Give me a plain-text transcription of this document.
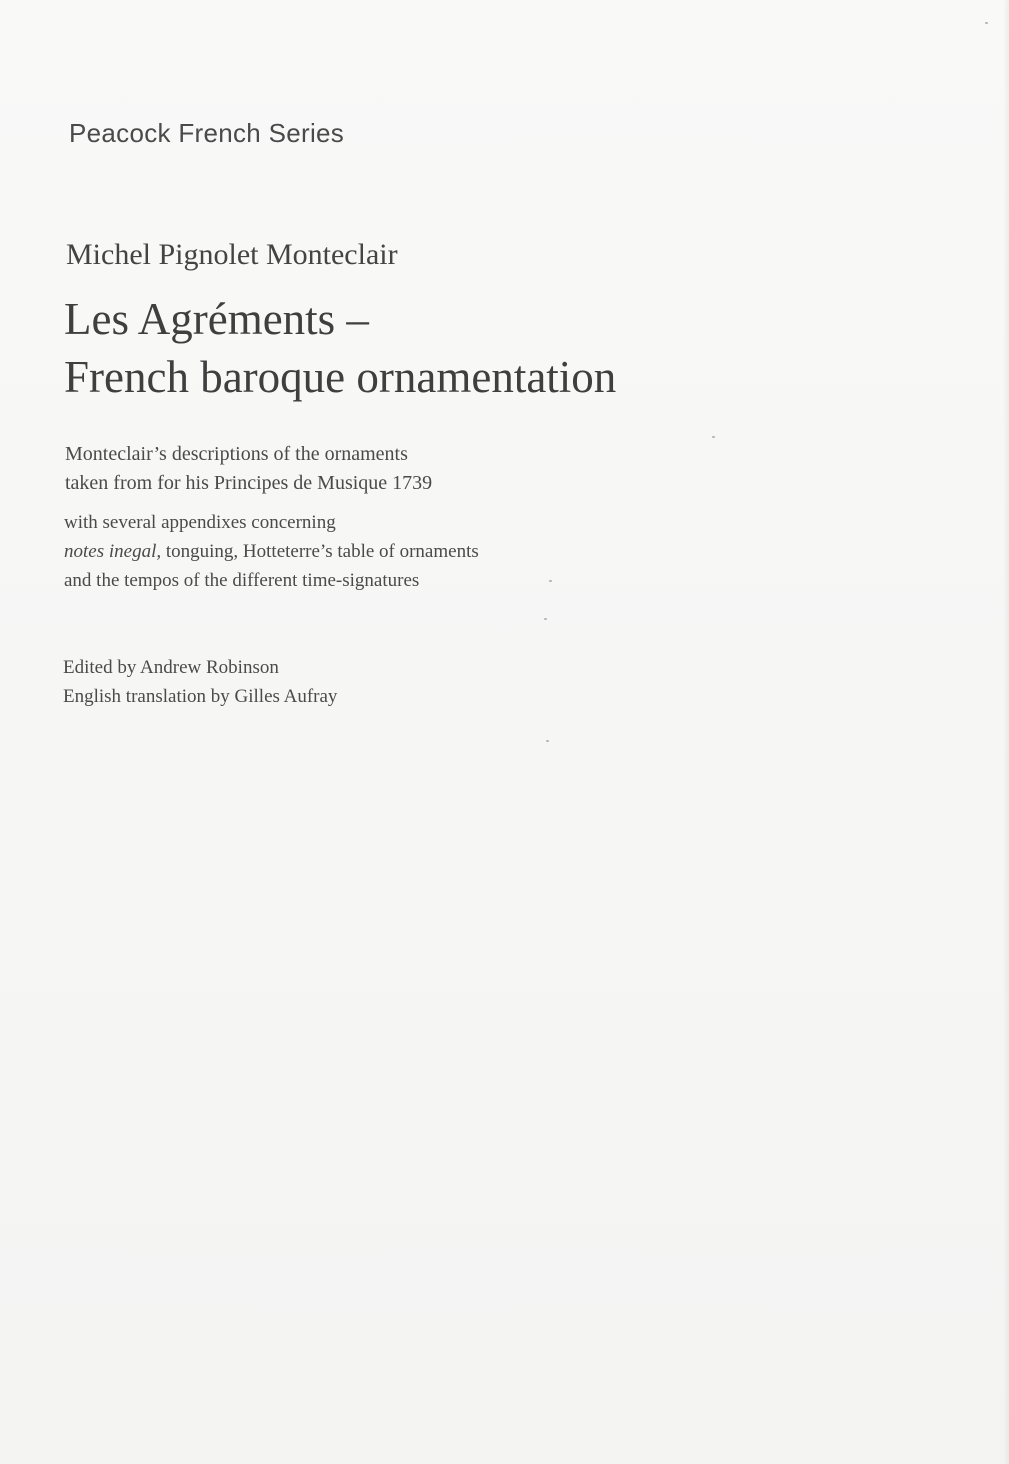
Peacock French Series
Michel Pignolet Monteclair
Les Agréments –
French baroque ornamentation
Monteclair’s descriptions of the ornaments
taken from for his Principes de Musique 1739
with several appendixes concerning
notes inegal, tonguing, Hotteterre’s table of ornaments
and the tempos of the different time-signatures
Edited by Andrew Robinson
English translation by Gilles Aufray
